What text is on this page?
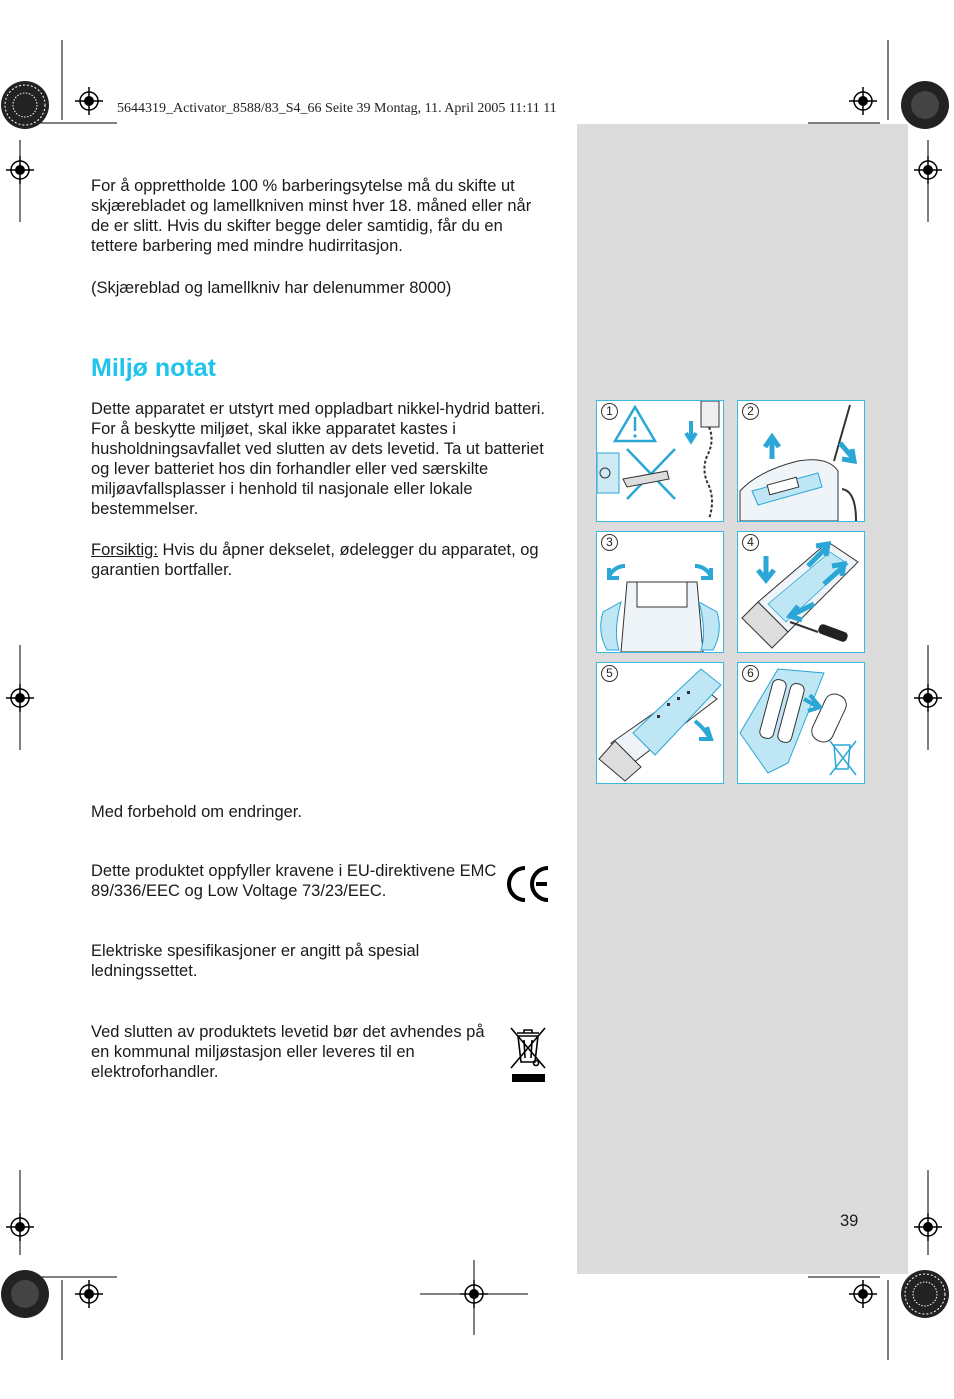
5644319_Activator_8588/83_S4_66 Seite 39 Montag, 11. April 2005 11:11 11

For å opprettholde 100 % barberingsytelse må du skifte ut skjærebladet og lamellkniven minst hver 18. måned eller når de er slitt. Hvis du skifter begge deler samtidig, får du en tettere barbering med mindre hudirritasjon.

(Skjæreblad og lamellkniv har delenummer 8000)
Miljø notat
Dette apparatet er utstyrt med oppladbart nikkel-hydrid batteri. For å beskytte miljøet, skal ikke apparatet kastes i husholdningsavfallet ved slutten av dets levetid. Ta ut batteriet og lever batteriet hos din forhandler eller ved særskilte miljøavfallsplasser i henhold til nasjonale eller lokale bestemmelser.
Forsiktig: Hvis du åpner dekselet, ødelegger du apparatet, og garantien bortfaller.
Med forbehold om endringer.
Dette produktet oppfyller kravene i EU-direktivene EMC 89/336/EEC og Low Voltage 73/23/EEC.
Elektriske spesifikasjoner er angitt på spesial ledningssettet.
Ved slutten av produktets levetid bør det avhendes på en kommunal miljøstasjon eller leveres til en elektroforhandler.
39
1	2
3	4
5	6
